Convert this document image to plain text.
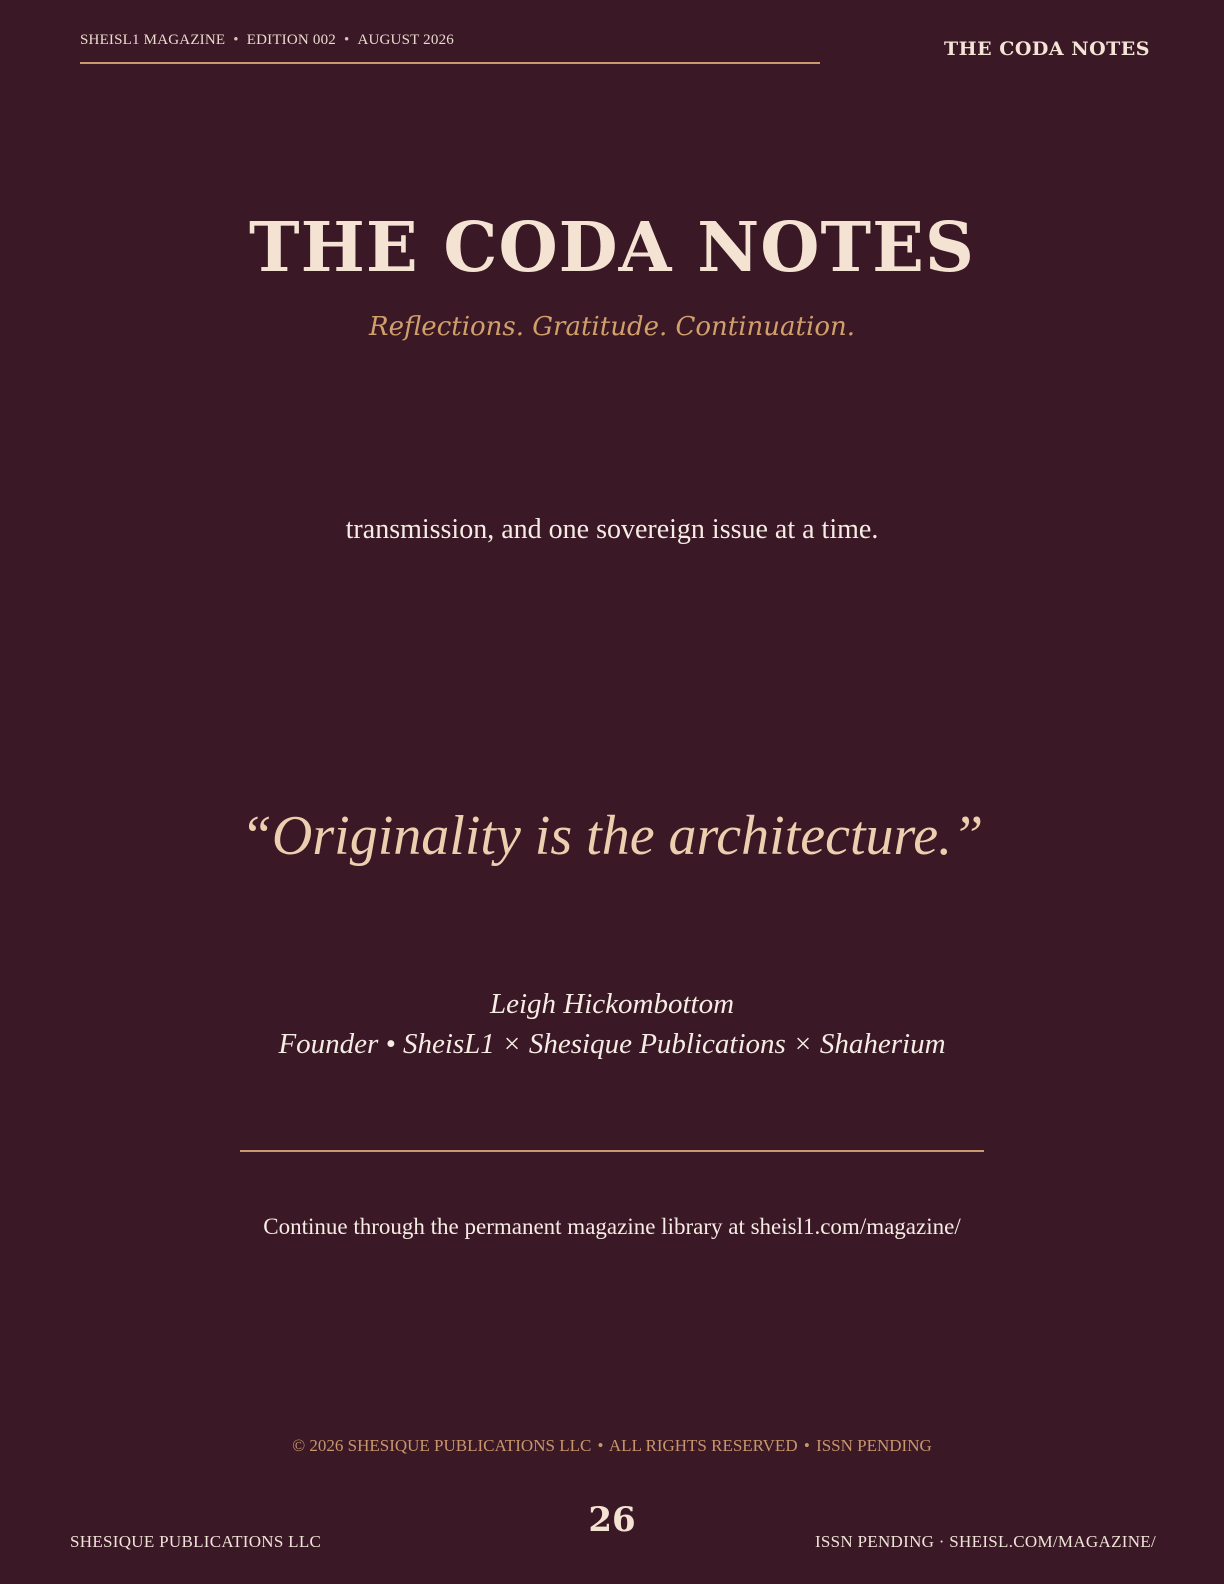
SHEISL1 MAGAZINE • EDITION 002 • AUGUST 2026	THE CODA NOTES
THE CODA NOTES
Reflections. Gratitude. Continuation.
transmission, and one sovereign issue at a time.
“Originality is the architecture.”
Leigh Hickombottom
Founder • SheisL1 × Shesique Publications × Shaherium
Continue through the permanent magazine library at sheisl1.com/magazine/
© 2026 SHESIQUE PUBLICATIONS LLC • ALL RIGHTS RESERVED • ISSN PENDING
SHESIQUE PUBLICATIONS LLC
26
ISSN PENDING · SHEISL.COM/MAGAZINE/
